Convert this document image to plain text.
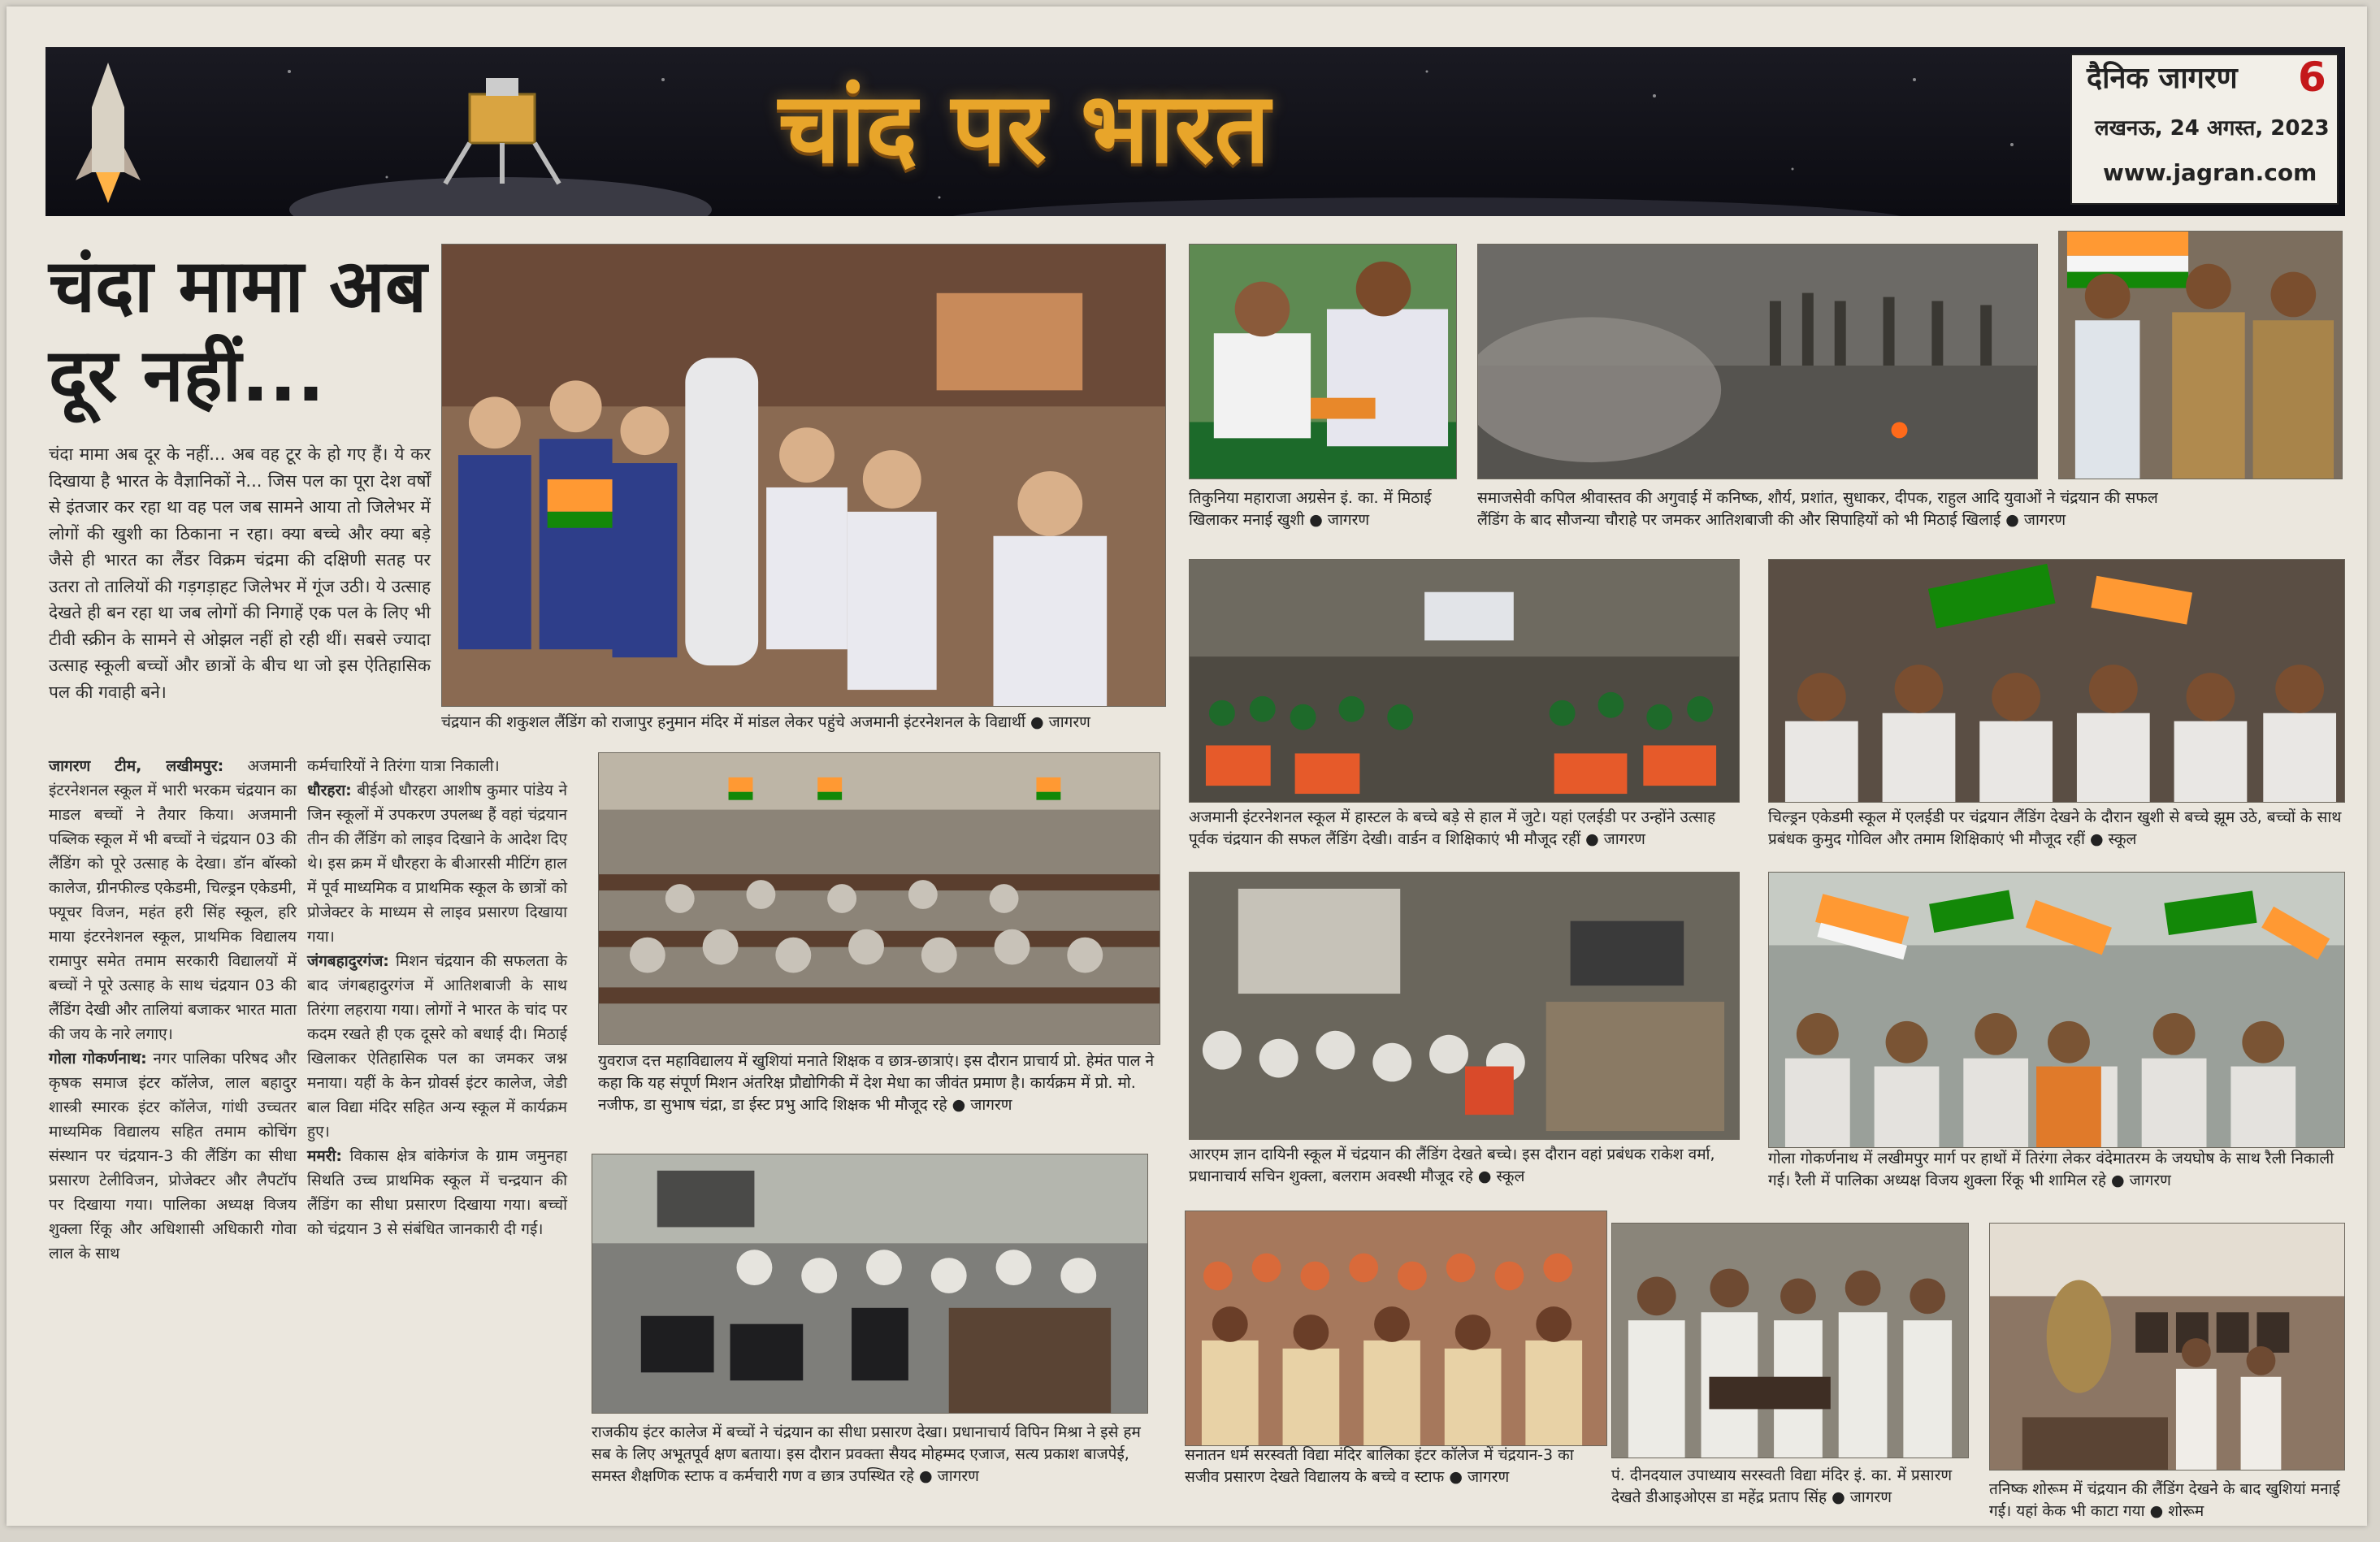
चांद पर भारत	दैनिक जागरण 6
लखनऊ, 24 अगस्त, 2023
www.jagran.com
चंदा मामा अब दूर नहीं...
चंदा मामा अब दूर के नहीं... अब वह टूर के हो गए हैं। ये कर दिखाया है भारत के वैज्ञानिकों ने... जिस पल का पूरा देश वर्षों से इंतजार कर रहा था वह पल जब सामने आया तो जिलेभर में लोगों की खुशी का ठिकाना न रहा। क्या बच्चे और क्या बड़े जैसे ही भारत का लैंडर विक्रम चंद्रमा की दक्षिणी सतह पर उतरा तो तालियों की गड़गड़ाहट जिलेभर में गूंज उठी। ये उत्साह देखते ही बन रहा था जब लोगों की निगाहें एक पल के लिए भी टीवी स्क्रीन के सामने से ओझल नहीं हो रही थीं। सबसे ज्यादा उत्साह स्कूली बच्चों और छात्रों के बीच था जो इस ऐतिहासिक पल की गवाही बने।
जागरण टीम, लखीमपुर: अजमानी इंटरनेशनल स्कूल में भारी भरकम चंद्रयान का माडल बच्चों ने तैयार किया। अजमानी पब्लिक स्कूल में भी बच्चों ने चंद्रयान 03 की लैंडिंग को पूरे उत्साह के देखा। डॉन बॉस्को कालेज, ग्रीनफील्ड एकेडमी, चिल्ड्रन एकेडमी, फ्यूचर विजन, महंत हरी सिंह स्कूल, हरि माया इंटरनेशनल स्कूल, प्राथमिक विद्यालय रामापुर समेत तमाम सरकारी विद्यालयों में बच्चों ने पूरे उत्साह के साथ चंद्रयान 03 की लैंडिंग देखी और तालियां बजाकर भारत माता की जय के नारे लगाए।
गोला गोकर्णनाथ: नगर पालिका परिषद और कृषक समाज इंटर कॉलेज, लाल बहादुर शास्त्री स्मारक इंटर कॉलेज, गांधी उच्चतर माध्यमिक विद्यालय सहित तमाम कोचिंग संस्थान पर चंद्रयान-3 की लैंडिंग का सीधा प्रसारण टेलीविजन, प्रोजेक्टर और लैपटॉप पर दिखाया गया। पालिका अध्यक्ष विजय शुक्ला रिंकू और अधिशासी अधिकारी गोवा लाल के साथ
कर्मचारियों ने तिरंगा यात्रा निकाली।
धौरहरा: बीईओ धौरहरा आशीष कुमार पांडेय ने जिन स्कूलों में उपकरण उपलब्ध हैं वहां चंद्रयान तीन की लैंडिंग को लाइव दिखाने के आदेश दिए थे। इस क्रम में धौरहरा के बीआरसी मीटिंग हाल में पूर्व माध्यमिक व प्राथमिक स्कूल के छात्रों को प्रोजेक्टर के माध्यम से लाइव प्रसारण दिखाया गया।
जंगबहादुरगंज: मिशन चंद्रयान की सफलता के बाद जंगबहादुरगंज में आतिशबाजी के साथ तिरंगा लहराया गया। लोगों ने भारत के चांद पर कदम रखते ही एक दूसरे को बधाई दी। मिठाई खिलाकर ऐतिहासिक पल का जमकर जश्न मनाया। यहीं के केन ग्रोवर्स इंटर कालेज, जेडी बाल विद्या मंदिर सहित अन्य स्कूल में कार्यक्रम हुए।
ममरी: विकास क्षेत्र बांकेगंज के ग्राम जमुनहा सिथति उच्च प्राथमिक स्कूल में चन्द्रयान की लैंडिंग का सीधा प्रसारण दिखाया गया। बच्चों को चंद्रयान 3 से संबंधित जानकारी दी गई।
चंद्रयान की शकुशल लैंडिंग को राजापुर हनुमान मंदिर में मांडल लेकर पहुंचे अजमानी इंटरनेशनल के विद्यार्थी ● जागरण
तिकुनिया महाराजा अग्रसेन इं. का. में मिठाई खिलाकर मनाई खुशी ● जागरण
समाजसेवी कपिल श्रीवास्तव की अगुवाई में कनिष्क, शौर्य, प्रशांत, सुधाकर, दीपक, राहुल आदि युवाओं ने चंद्रयान की सफल लैंडिंग के बाद सौजन्या चौराहे पर जमकर आतिशबाजी की और सिपाहियों को भी मिठाई खिलाई ● जागरण
अजमानी इंटरनेशनल स्कूल में हास्टल के बच्चे बड़े से हाल में जुटे। यहां एलईडी पर उन्होंने उत्साह पूर्वक चंद्रयान की सफल लैंडिंग देखी। वार्डन व शिक्षिकाएं भी मौजूद रहीं ● जागरण
चिल्ड्रन एकेडमी स्कूल में एलईडी पर चंद्रयान लैंडिंग देखने के दौरान खुशी से बच्चे झूम उठे, बच्चों के साथ प्रबंधक कुमुद गोविल और तमाम शिक्षिकाएं भी मौजूद रहीं ● स्कूल
युवराज दत्त महाविद्यालय में खुशियां मनाते शिक्षक व छात्र-छात्राएं। इस दौरान प्राचार्य प्रो. हेमंत पाल ने कहा कि यह संपूर्ण मिशन अंतरिक्ष प्रौद्योगिकी में देश मेधा का जीवंत प्रमाण है। कार्यक्रम में प्रो. मो. नजीफ, डा सुभाष चंद्रा, डा ईस्ट प्रभु आदि शिक्षक भी मौजूद रहे ● जागरण
आरएम ज्ञान दायिनी स्कूल में चंद्रयान की लैंडिंग देखते बच्चे। इस दौरान वहां प्रबंधक राकेश वर्मा, प्रधानाचार्य सचिन शुक्ला, बलराम अवस्थी मौजूद रहे ● स्कूल
गोला गोकर्णनाथ में लखीमपुर मार्ग पर हाथों में तिरंगा लेकर वंदेमातरम के जयघोष के साथ रैली निकाली गई। रैली में पालिका अध्यक्ष विजय शुक्ला रिंकू भी शामिल रहे ● जागरण
राजकीय इंटर कालेज में बच्चों ने चंद्रयान का सीधा प्रसारण देखा। प्रधानाचार्य विपिन मिश्रा ने इसे हम सब के लिए अभूतपूर्व क्षण बताया। इस दौरान प्रवक्ता सैयद मोहम्मद एजाज, सत्य प्रकाश बाजपेई, समस्त शैक्षणिक स्टाफ व कर्मचारी गण व छात्र उपस्थित रहे ● जागरण
सनातन धर्म सरस्वती विद्या मंदिर बालिका इंटर कॉलेज में चंद्रयान-3 का सजीव प्रसारण देखते विद्यालय के बच्चे व स्टाफ ● जागरण	पं. दीनदयाल उपाध्याय सरस्वती विद्या मंदिर इं. का. में प्रसारण देखते डीआइओएस डा महेंद्र प्रताप सिंह ● जागरण	तनिष्क शोरूम में चंद्रयान की लैंडिंग देखने के बाद खुशियां मनाई गई। यहां केक भी काटा गया ● शोरूम
